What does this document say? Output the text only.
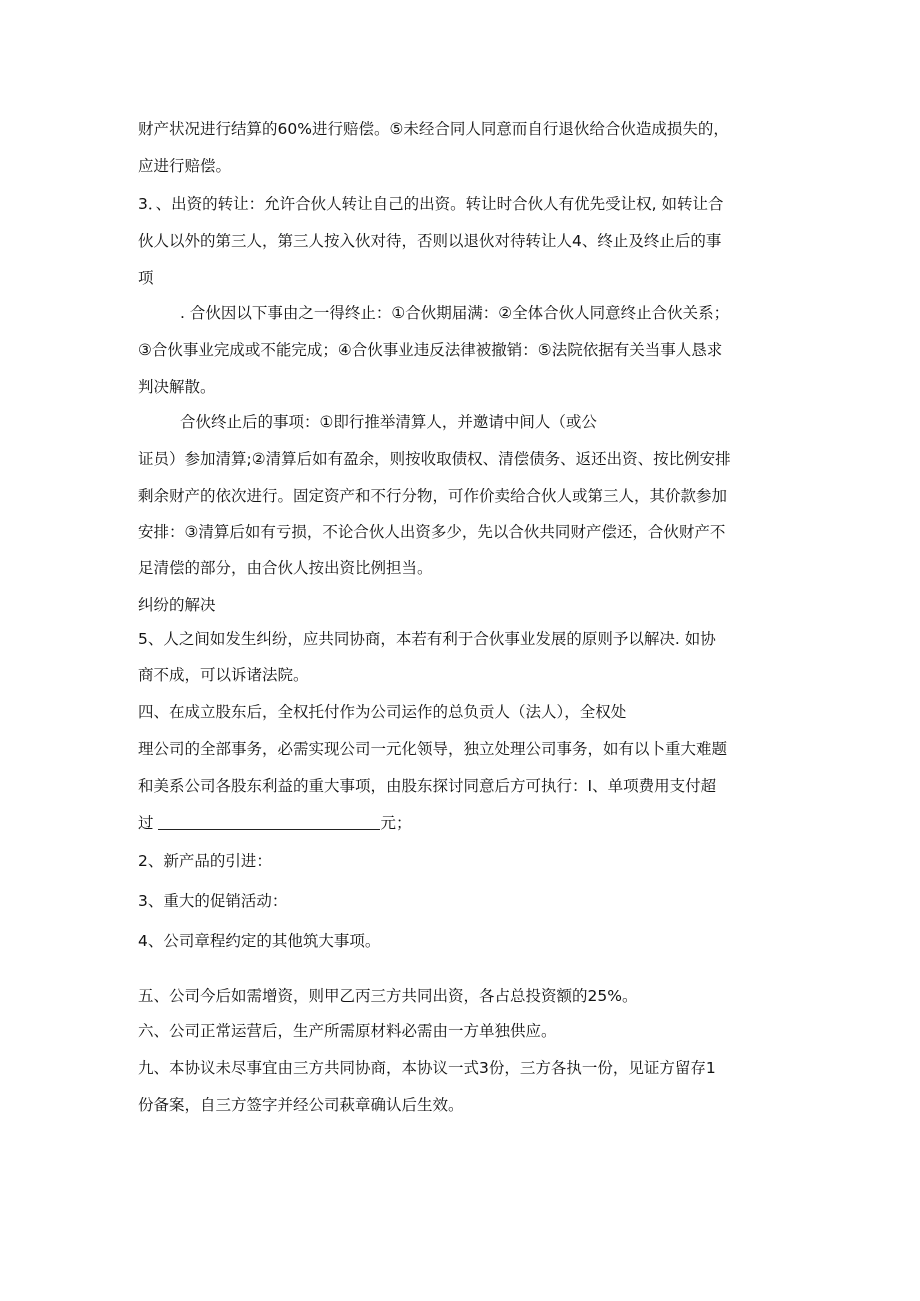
财产状况进行结算的60%进行赔偿。⑤未经合同人同意而自行退伙给合伙造成损失的，
应进行赔偿。
3．、出资的转让：允许合伙人转让自己的出资。转让时合伙人有优先受让权, 如转让合
伙人以外的第三人，第三人按入伙对待，否则以退伙对待转让人4、终止及终止后的事
项
. 合伙因以下事由之一得终止：①合伙期届满：②全体合伙人同意终止合伙关系；
③合伙事业完成或不能完成；④合伙事业违反法律被撤销：⑤法院依据有关当事人恳求
判决解散。
合伙终止后的事项：①即行推举清算人，并邀请中间人（或公
证员）参加清算;②清算后如有盈余，则按收取债权、清偿债务、返还出资、按比例安排
剩余财产的依次进行。固定资产和不行分物，可作价卖给合伙人或第三人，其价款参加
安排：③清算后如有亏损，不论合伙人出资多少，先以合伙共同财产偿还，合伙财产不
足清偿的部分，由合伙人按出资比例担当。
纠纷的解决
5、人之间如发生纠纷，应共同协商，本若有利于合伙事业发展的原则予以解决. 如协
商不成，可以诉诸法院。
四、在成立股东后，全权托付作为公司运作的总负贡人（法人），全权处
理公司的全部事务，必需实现公司一元化领导，独立处理公司事务，如有以卜重大难题
和美系公司各股东利益的重大事项，由股东探讨同意后方可执行：I、单项费用支付超
过	元；
2、新产品的引进：
3、重大的促销活动：
4、公司章程约定的其他筑大事项。
五、公司今后如需增资，则甲乙丙三方共同出资，各占总投资额的25%。
六、公司正常运营后，生产所需原材料必需由一方单独供应。
九、本协议未尽事宜由三方共同协商，本协议一式3份，三方各执一份，见证方留存1
份备案，自三方签字并经公司萩章确认后生效。
